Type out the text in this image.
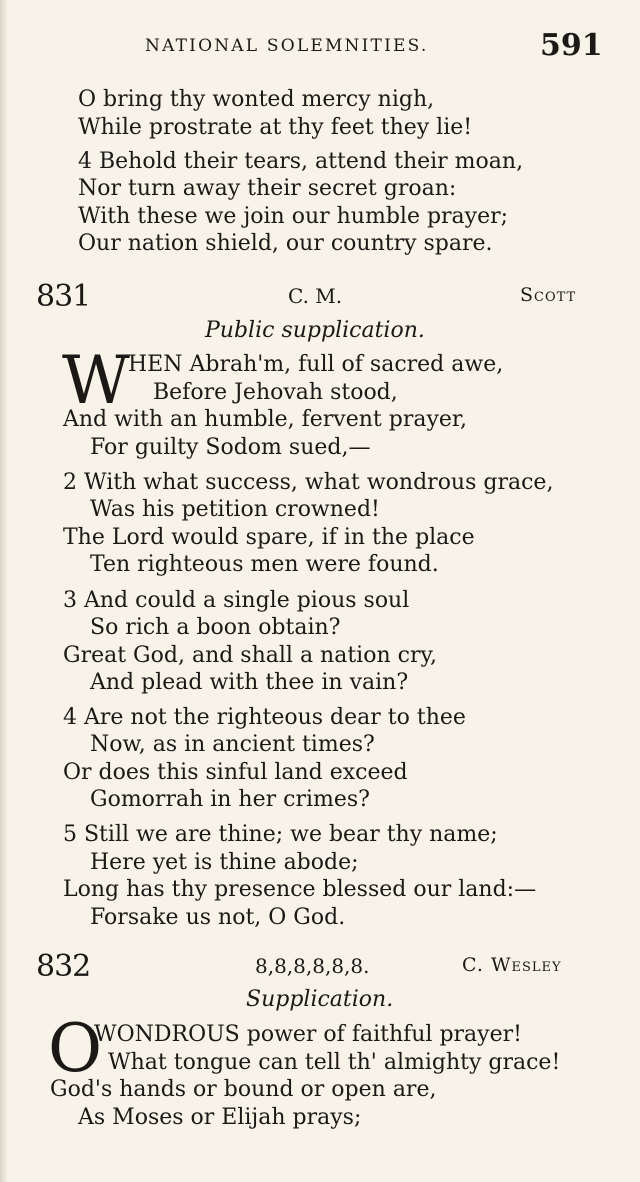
NATIONAL SOLEMNITIES.	591
O bring thy wonted mercy nigh,
While prostrate at thy feet they lie!
4 Behold their tears, attend their moan,
Nor turn away their secret groan:
With these we join our humble prayer;
Our nation shield, our country spare.
831	C. M.	Scott
Public supplication.
W
HEN Abrah'm, full of sacred awe,
Before Jehovah stood,
And with an humble, fervent prayer,
For guilty Sodom sued,—
2 With what success, what wondrous grace,
Was his petition crowned!
The Lord would spare, if in the place
Ten righteous men were found.
3 And could a single pious soul
So rich a boon obtain?
Great God, and shall a nation cry,
And plead with thee in vain?
4 Are not the righteous dear to thee
Now, as in ancient times?
Or does this sinful land exceed
Gomorrah in her crimes?
5 Still we are thine; we bear thy name;
Here yet is thine abode;
Long has thy presence blessed our land:—
Forsake us not, O God.
832	8,8,8,8,8,8.	C. Wesley
Supplication.
O
WONDROUS power of faithful prayer!
What tongue can tell th' almighty grace!
God's hands or bound or open are,
As Moses or Elijah prays;
